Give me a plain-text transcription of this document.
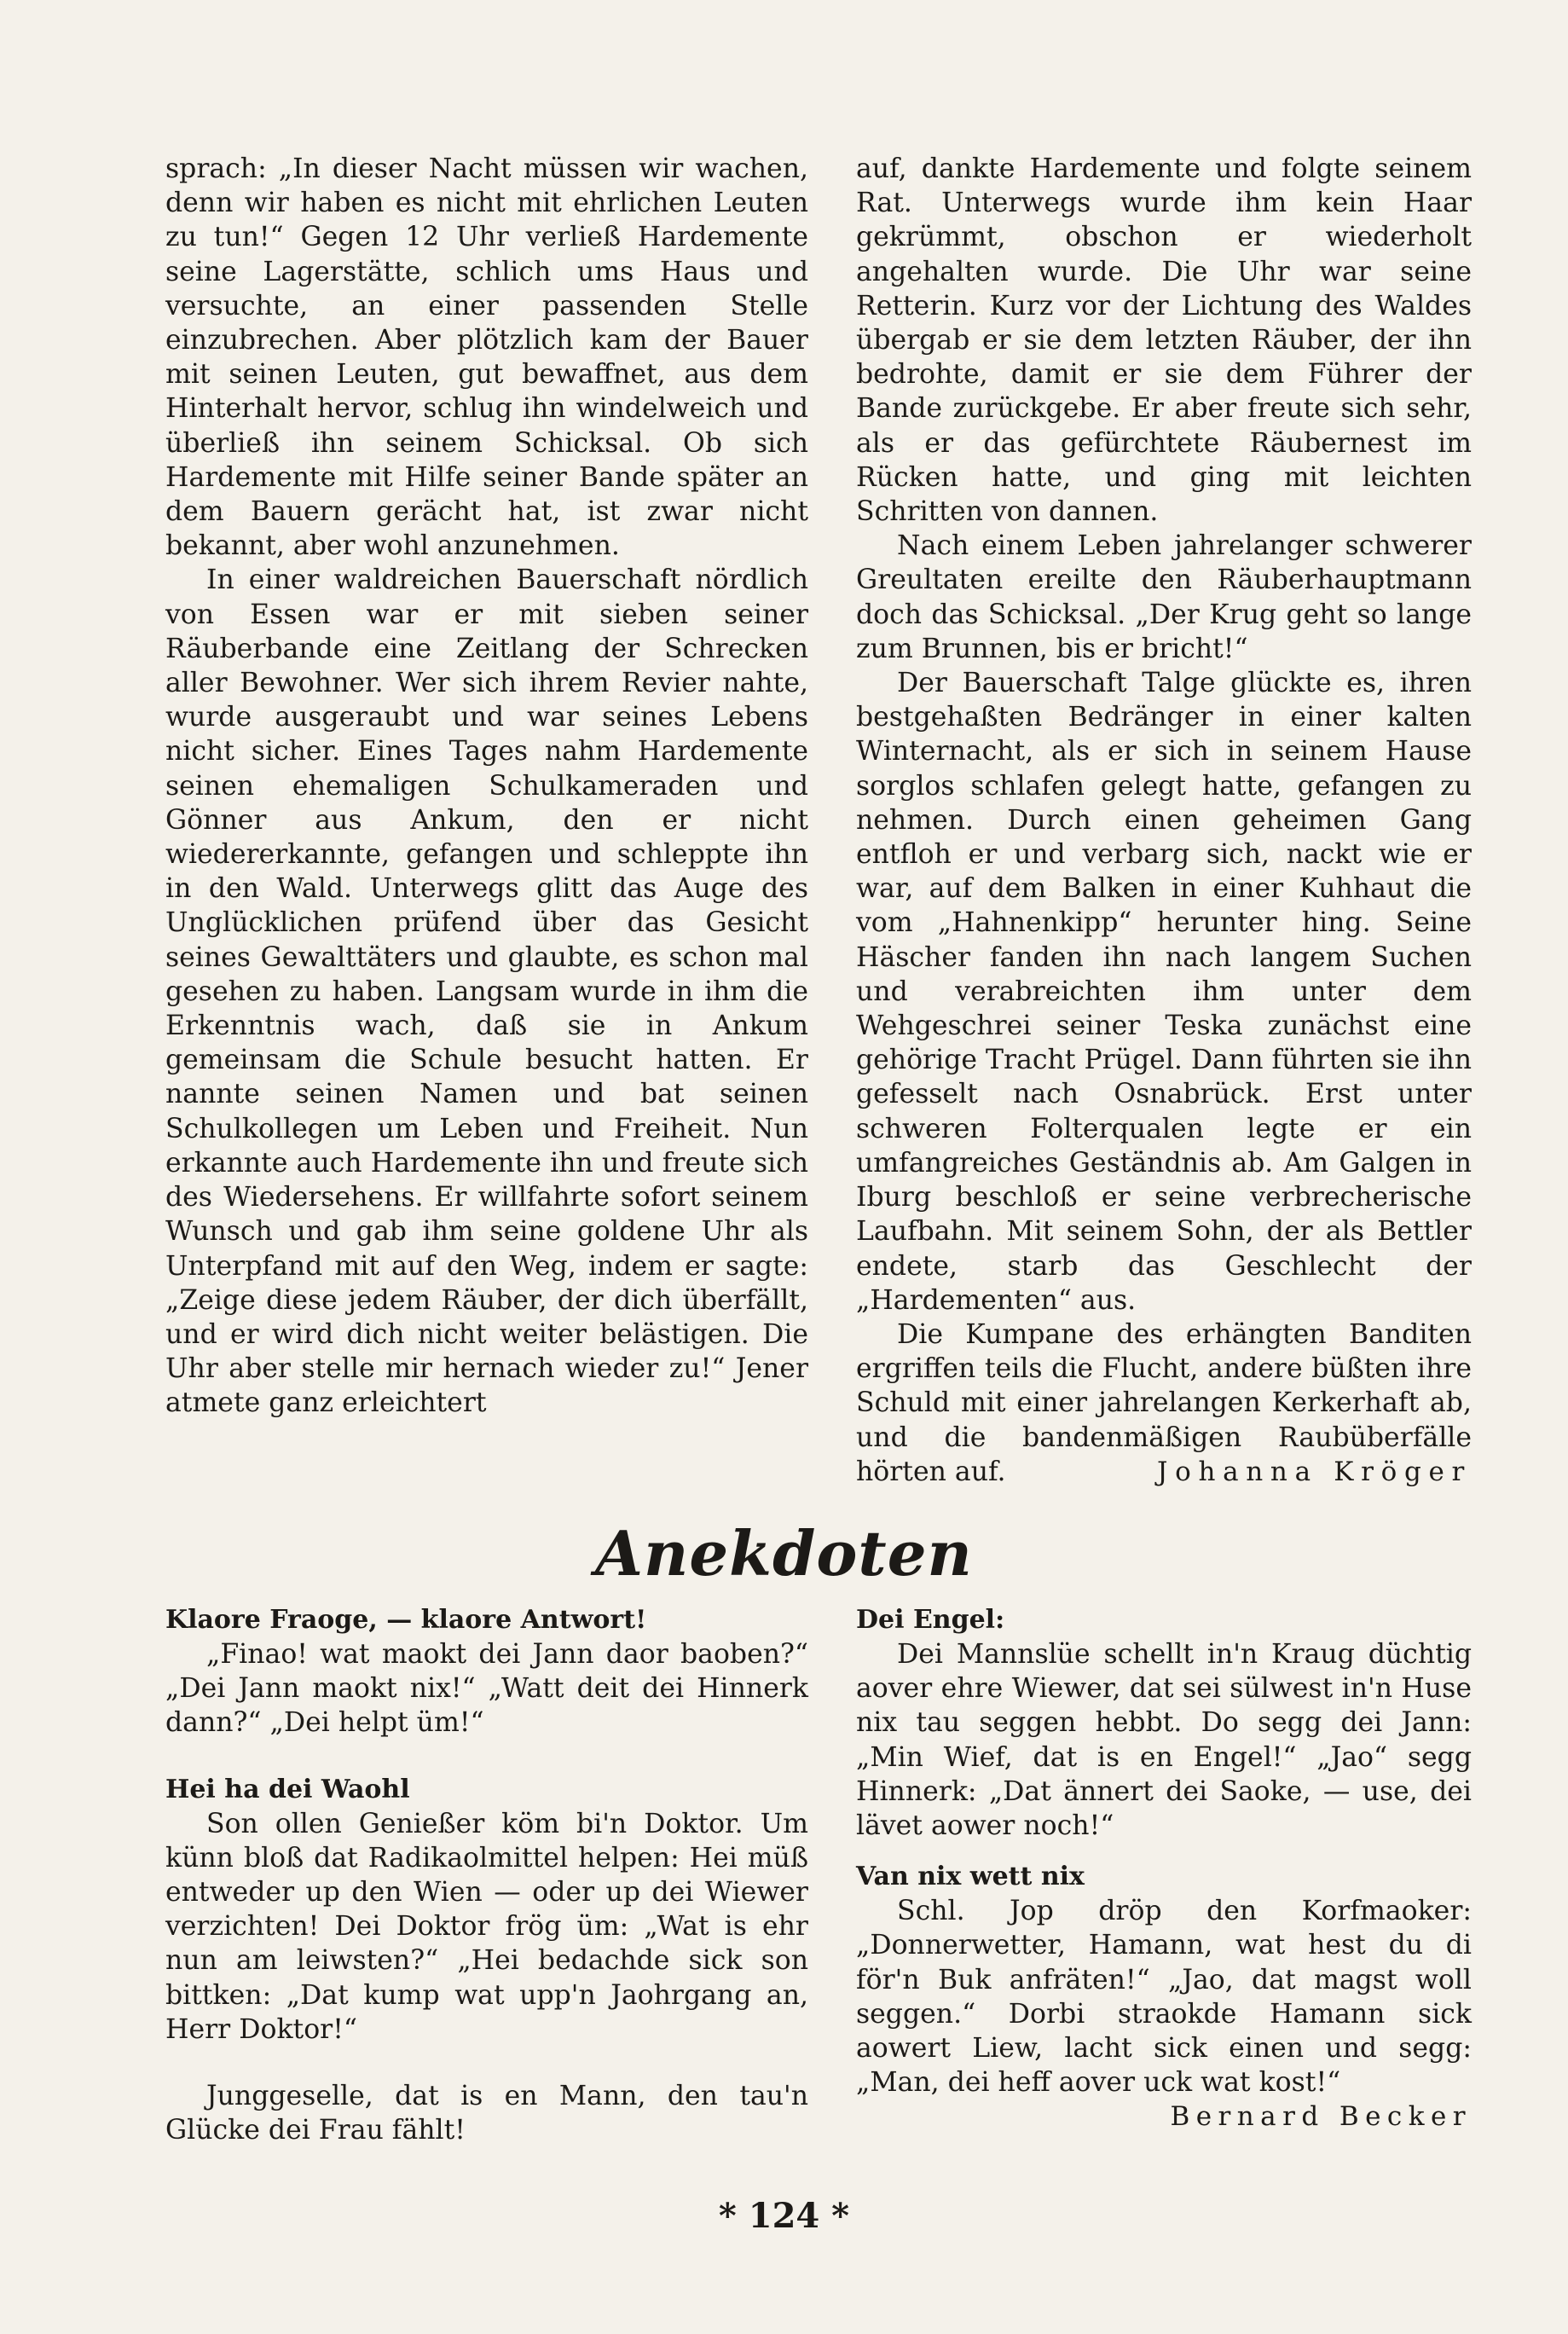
sprach: „In dieser Nacht müssen wir wachen, denn wir haben es nicht mit ehrlichen Leuten zu tun!“ Gegen 12 Uhr verließ Hardemente seine Lagerstätte, schlich ums Haus und versuchte, an einer passenden Stelle einzubrechen. Aber plötzlich kam der Bauer mit seinen Leuten, gut bewaffnet, aus dem Hinterhalt hervor, schlug ihn windelweich und überließ ihn seinem Schicksal. Ob sich Hardemente mit Hilfe seiner Bande später an dem Bauern gerächt hat, ist zwar nicht bekannt, aber wohl anzunehmen.

In einer waldreichen Bauerschaft nördlich von Essen war er mit sieben seiner Räuberbande eine Zeitlang der Schrecken aller Bewohner. Wer sich ihrem Revier nahte, wurde ausgeraubt und war seines Lebens nicht sicher. Eines Tages nahm Hardemente seinen ehemaligen Schulkameraden und Gönner aus Ankum, den er nicht wiedererkannte, gefangen und schleppte ihn in den Wald. Unterwegs glitt das Auge des Unglücklichen prüfend über das Gesicht seines Gewalttäters und glaubte, es schon mal gesehen zu haben. Langsam wurde in ihm die Erkenntnis wach, daß sie in Ankum gemeinsam die Schule besucht hatten. Er nannte seinen Namen und bat seinen Schulkollegen um Leben und Freiheit. Nun erkannte auch Hardemente ihn und freute sich des Wiedersehens. Er willfahrte sofort seinem Wunsch und gab ihm seine goldene Uhr als Unterpfand mit auf den Weg, indem er sagte: „Zeige diese jedem Räuber, der dich überfällt, und er wird dich nicht weiter belästigen. Die Uhr aber stelle mir hernach wieder zu!“ Jener atmete ganz erleichtert

auf, dankte Hardemente und folgte seinem Rat. Unterwegs wurde ihm kein Haar gekrümmt, obschon er wiederholt angehalten wurde. Die Uhr war seine Retterin. Kurz vor der Lichtung des Waldes übergab er sie dem letzten Räuber, der ihn bedrohte, damit er sie dem Führer der Bande zurückgebe. Er aber freute sich sehr, als er das gefürchtete Räubernest im Rücken hatte, und ging mit leichten Schritten von dannen.

Nach einem Leben jahrelanger schwerer Greultaten ereilte den Räuberhauptmann doch das Schicksal. „Der Krug geht so lange zum Brunnen, bis er bricht!“

Der Bauerschaft Talge glückte es, ihren bestgehaßten Bedränger in einer kalten Winternacht, als er sich in seinem Hause sorglos schlafen gelegt hatte, gefangen zu nehmen. Durch einen geheimen Gang entfloh er und verbarg sich, nackt wie er war, auf dem Balken in einer Kuhhaut die vom „Hahnenkipp“ herunter hing. Seine Häscher fanden ihn nach langem Suchen und verabreichten ihm unter dem Wehgeschrei seiner Teska zunächst eine gehörige Tracht Prügel. Dann führten sie ihn gefesselt nach Osnabrück. Erst unter schweren Folterqualen legte er ein umfangreiches Geständnis ab. Am Galgen in Iburg beschloß er seine verbrecherische Laufbahn. Mit seinem Sohn, der als Bettler endete, starb das Geschlecht der „Hardementen“ aus.

Die Kumpane des erhängten Banditen ergriffen teils die Flucht, andere büßten ihre Schuld mit einer jahrelangen Kerkerhaft ab, und die bandenmäßigen Raubüberfälle hörten auf.	Johanna Kröger

Anekdoten
Klaore Fraoge, — klaore Antwort!

„Finao! wat maokt dei Jann daor baoben?“ „Dei Jann maokt nix!“ „Watt deit dei Hinnerk dann?“ „Dei helpt üm!“

Hei ha dei Waohl

Son ollen Genießer köm bi'n Doktor. Um künn bloß dat Radikaolmittel helpen: Hei müß entweder up den Wien — oder up dei Wiewer verzichten! Dei Doktor frög üm: „Wat is ehr nun am leiwsten?“ „Hei bedachde sick son bittken: „Dat kump wat upp'n Jaohrgang an, Herr Doktor!“

Junggeselle, dat is en Mann, den tau'n Glücke dei Frau fählt!

Dei Engel:

Dei Mannslüe schellt in'n Kraug düchtig aover ehre Wiewer, dat sei sülwest in'n Huse nix tau seggen hebbt. Do segg dei Jann: „Min Wief, dat is en Engel!“ „Jao“ segg Hinnerk: „Dat ännert dei Saoke, — use, dei lävet aower noch!“

Van nix wett nix

Schl. Jop dröp den Korfmaoker: „Donnerwetter, Hamann, wat hest du di för'n Buk anfräten!“ „Jao, dat magst woll seggen.“ Dorbi straokde Hamann sick aowert Liew, lacht sick einen und segg: „Man, dei heff aover uck wat kost!“

Bernard Becker

* 124 *
